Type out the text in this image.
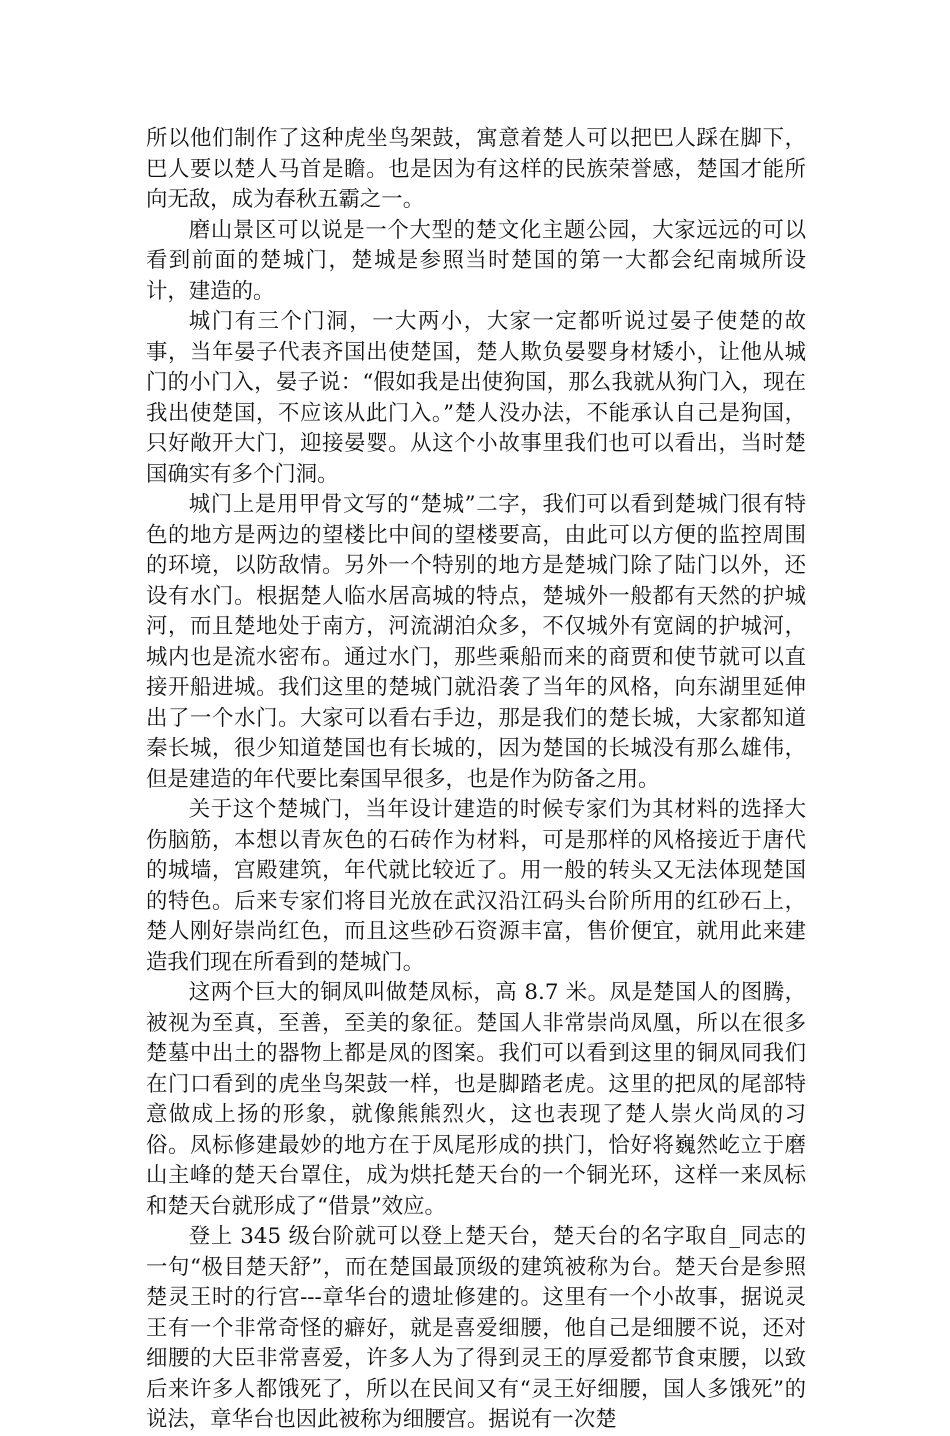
所以他们制作了这种虎坐鸟架鼓，寓意着楚人可以把巴人踩在脚下，巴人要以楚人马首是瞻。也是因为有这样的民族荣誉感，楚国才能所向无敌，成为春秋五霸之一。

磨山景区可以说是一个大型的楚文化主题公园，大家远远的可以看到前面的楚城门，楚城是参照当时楚国的第一大都会纪南城所设计，建造的。

城门有三个门洞，一大两小，大家一定都听说过晏子使楚的故事，当年晏子代表齐国出使楚国，楚人欺负晏婴身材矮小，让他从城门的小门入，晏子说：“假如我是出使狗国，那么我就从狗门入，现在我出使楚国，不应该从此门入。”楚人没办法，不能承认自己是狗国，只好敞开大门，迎接晏婴。从这个小故事里我们也可以看出，当时楚国确实有多个门洞。

城门上是用甲骨文写的“楚城”二字，我们可以看到楚城门很有特色的地方是两边的望楼比中间的望楼要高，由此可以方便的监控周围的环境，以防敌情。另外一个特别的地方是楚城门除了陆门以外，还设有水门。根据楚人临水居高城的特点，楚城外一般都有天然的护城河，而且楚地处于南方，河流湖泊众多，不仅城外有宽阔的护城河，城内也是流水密布。通过水门，那些乘船而来的商贾和使节就可以直接开船进城。我们这里的楚城门就沿袭了当年的风格，向东湖里延伸出了一个水门。大家可以看右手边，那是我们的楚长城，大家都知道秦长城，很少知道楚国也有长城的，因为楚国的长城没有那么雄伟，但是建造的年代要比秦国早很多，也是作为防备之用。

关于这个楚城门，当年设计建造的时候专家们为其材料的选择大伤脑筋，本想以青灰色的石砖作为材料，可是那样的风格接近于唐代的城墙，宫殿建筑，年代就比较近了。用一般的转头又无法体现楚国的特色。后来专家们将目光放在武汉沿江码头台阶所用的红砂石上，楚人刚好崇尚红色，而且这些砂石资源丰富，售价便宜，就用此来建造我们现在所看到的楚城门。

这两个巨大的铜凤叫做楚凤标，高 8.7 米。凤是楚国人的图腾，被视为至真，至善，至美的象征。楚国人非常崇尚凤凰，所以在很多楚墓中出土的器物上都是凤的图案。我们可以看到这里的铜凤同我们在门口看到的虎坐鸟架鼓一样，也是脚踏老虎。这里的把凤的尾部特意做成上扬的形象，就像熊熊烈火，这也表现了楚人崇火尚凤的习俗。凤标修建最妙的地方在于凤尾形成的拱门，恰好将巍然屹立于磨山主峰的楚天台罩住，成为烘托楚天台的一个铜光环，这样一来凤标和楚天台就形成了“借景”效应。

登上 345 级台阶就可以登上楚天台，楚天台的名字取自_同志的一句“极目楚天舒”，而在楚国最顶级的建筑被称为台。楚天台是参照楚灵王时的行宫---章华台的遗址修建的。这里有一个小故事，据说灵王有一个非常奇怪的癖好，就是喜爱细腰，他自己是细腰不说，还对细腰的大臣非常喜爱，许多人为了得到灵王的厚爱都节食束腰，以致后来许多人都饿死了，所以在民间又有“灵王好细腰，国人多饿死”的说法，章华台也因此被称为细腰宫。据说有一次楚
